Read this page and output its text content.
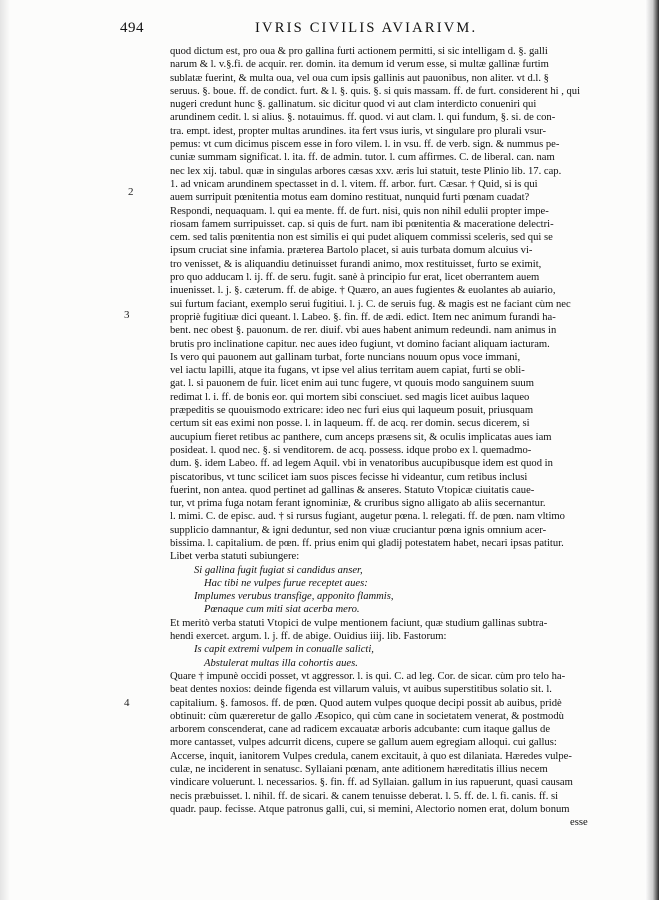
494	IVRIS CIVILIS AVIARIVM.
2
3
4
quod dictum est, pro oua & pro gallina furti actionem permitti, si sic intelligam d. §. galli
narum & l. v.§.fi. de acquir. rer. domin. ita demum id verum esse, si multæ gallinæ furtim
sublatæ fuerint, & multa oua, vel oua cum ipsis gallinis aut pauonibus, non aliter. vt d.l. §
seruus. §. boue. ff. de condict. furt. & l. §. quis. §. si quis massam. ff. de furt. considerent hi , qui
nugeri credunt hunc §. gallinatum. sic dicitur quod vi aut clam interdicto conueniri qui
arundinem cedit. l. si alius. §. notauimus. ff. quod. vi aut clam. l. qui fundum, §. si. de con-
tra. empt. idest, propter multas arundines. ita fert vsus iuris, vt singulare pro plurali vsur-
pemus: vt cum dicimus piscem esse in foro vilem. l. in vsu. ff. de verb. sign. & nummus pe-
cuniæ summam significat. l. ita. ff. de admin. tutor. l. cum affirmes. C. de liberal. can. nam
nec lex xij. tabul. quæ in singulas arbores cæsas xxv. æris lui statuit, teste Plinio lib. 17. cap.
1. ad vnicam arundinem spectasset in d. l. vitem. ff. arbor. furt. Cæsar. † Quid, si is qui
auem surripuit pœnitentia motus eam domino restituat, nunquid furti pœnam cuadat?
Respondi, nequaquam. l. qui ea mente. ff. de furt. nisi, quis non nihil edulii propter impe-
riosam famem surripuisset. cap. si quis de furt. nam ibi pœnitentia & maceratione delectri-
cem. sed talis pœnitentia non est similis ei qui pudet aliquem commissi sceleris, sed qui se
ipsum cruciat sine infamia. præterea Bartolo placet, si auis turbata domum alcuius vi-
tro venisset, & is aliquandiu detinuisset furandi animo, mox restituisset, furto se eximit,
pro quo adducam l. ij. ff. de seru. fugit. sanè à principio fur erat, licet oberrantem auem
inuenisset. l. j. §. cæterum. ff. de abige. † Quæro, an aues fugientes & euolantes ab auiario,
sui furtum faciant, exemplo serui fugitiui. l. j. C. de seruis fug. & magis est ne faciant cùm nec
propriè fugitiuæ dici queant. l. Labeo. §. fin. ff. de ædi. edict. Item nec animum furandi ha-
bent. nec obest §. pauonum. de rer. diuif. vbi aues habent animum redeundi. nam animus in
brutis pro inclinatione capitur. nec aues ideo fugiunt, vt domino faciant aliquam iacturam.
Is vero qui pauonem aut gallinam turbat, forte nuncians nouum opus voce immani,
vel iactu lapilli, atque ita fugans, vt ipse vel alius territam auem capiat, furti se obli-
gat. l. si pauonem de fuir. licet enim aui tunc fugere, vt quouis modo sanguinem suum
redimat l. i. ff. de bonis eor. qui mortem sibi consciuet. sed magis licet auibus laqueo
præpeditis se quouismodo extricare: ideo nec furi eius qui laqueum posuit, priusquam
certum sit eas eximi non posse. l. in laqueum. ff. de acq. rer domin. secus dicerem, si
aucupium fieret retibus ac panthere, cum anceps præsens sit, & oculis implicatas aues iam
posideat. l. quod nec. §. si venditorem. de acq. possess. idque probo ex l. quemadmo-
dum. §. idem Labeo. ff. ad legem Aquil. vbi in venatoribus aucupibusque idem est quod in
piscatoribus, vt tunc scilicet iam suos pisces fecisse hi videantur, cum retibus inclusi
fuerint, non antea. quod pertinet ad gallinas & anseres. Statuto Vtopicæ ciuitatis caue-
tur, vt prima fuga notam ferant ignominiæ, & cruribus signo alligato ab aliis secernantur.
l. mimi. C. de episc. aud. † si rursus fugiant, augetur pœna. l. relegati. ff. de pœn. nam vltimo
supplicio damnantur, & igni deduntur, sed non viuæ cruciantur pœna ignis omnium acer-
bissima. l. capitalium. de pœn. ff. prius enim qui gladij potestatem habet, necari ipsas patitur.
Libet verba statuti subiungere:
Si gallina fugit fugiat si candidus anser,
Hac tibi ne vulpes furue receptet aues:
Implumes verubus transfige, apponito flammis,
Pœnaque cum miti siat acerba mero.
Et meritò verba statuti Vtopici de vulpe mentionem faciunt, quæ studium gallinas subtra-
hendi exercet. argum. l. j. ff. de abige. Ouidius iiij. lib. Fastorum:
Is capit extremi vulpem in conualle salicti,
Abstulerat multas illa cohortis aues.
Quare † impunè occidi posset, vt aggressor. l. is qui. C. ad leg. Cor. de sicar. cùm pro telo ha-
beat dentes noxios: deinde figenda est villarum valuis, vt auibus superstitibus solatio sit. l.
capitalium. §. famosos. ff. de pœn. Quod autem vulpes quoque decipi possit ab auibus, pridè
obtinuit: cùm quæreretur de gallo Æsopico, qui cùm cane in societatem venerat, & postmodù
arborem conscenderat, cane ad radicem excauatæ arboris adcubante: cum itaque gallus de
more cantasset, vulpes adcurrit dicens, cupere se gallum auem egregiam alloqui. cui gallus:
Accerse, inquit, ianitorem Vulpes credula, canem excitauit, à quo est dilaniata. Hæredes vulpe-
culæ, ne inciderent in senatusc. Syllaiani pœnam, ante aditionem hæreditatis illius necem
vindicare voluerunt. l. necessarios. §. fin. ff. ad Syllaian. gallum in ius rapuerunt, quasi causam
necis præbuisset. l. nihil. ff. de sicari. & canem tenuisse deberat. l. 5. ff. de. l. fi. canis. ff. si
quadr. paup. fecisse. Atque patronus galli, cui, si memini, Alectorio nomen erat, dolum bonum
esse
